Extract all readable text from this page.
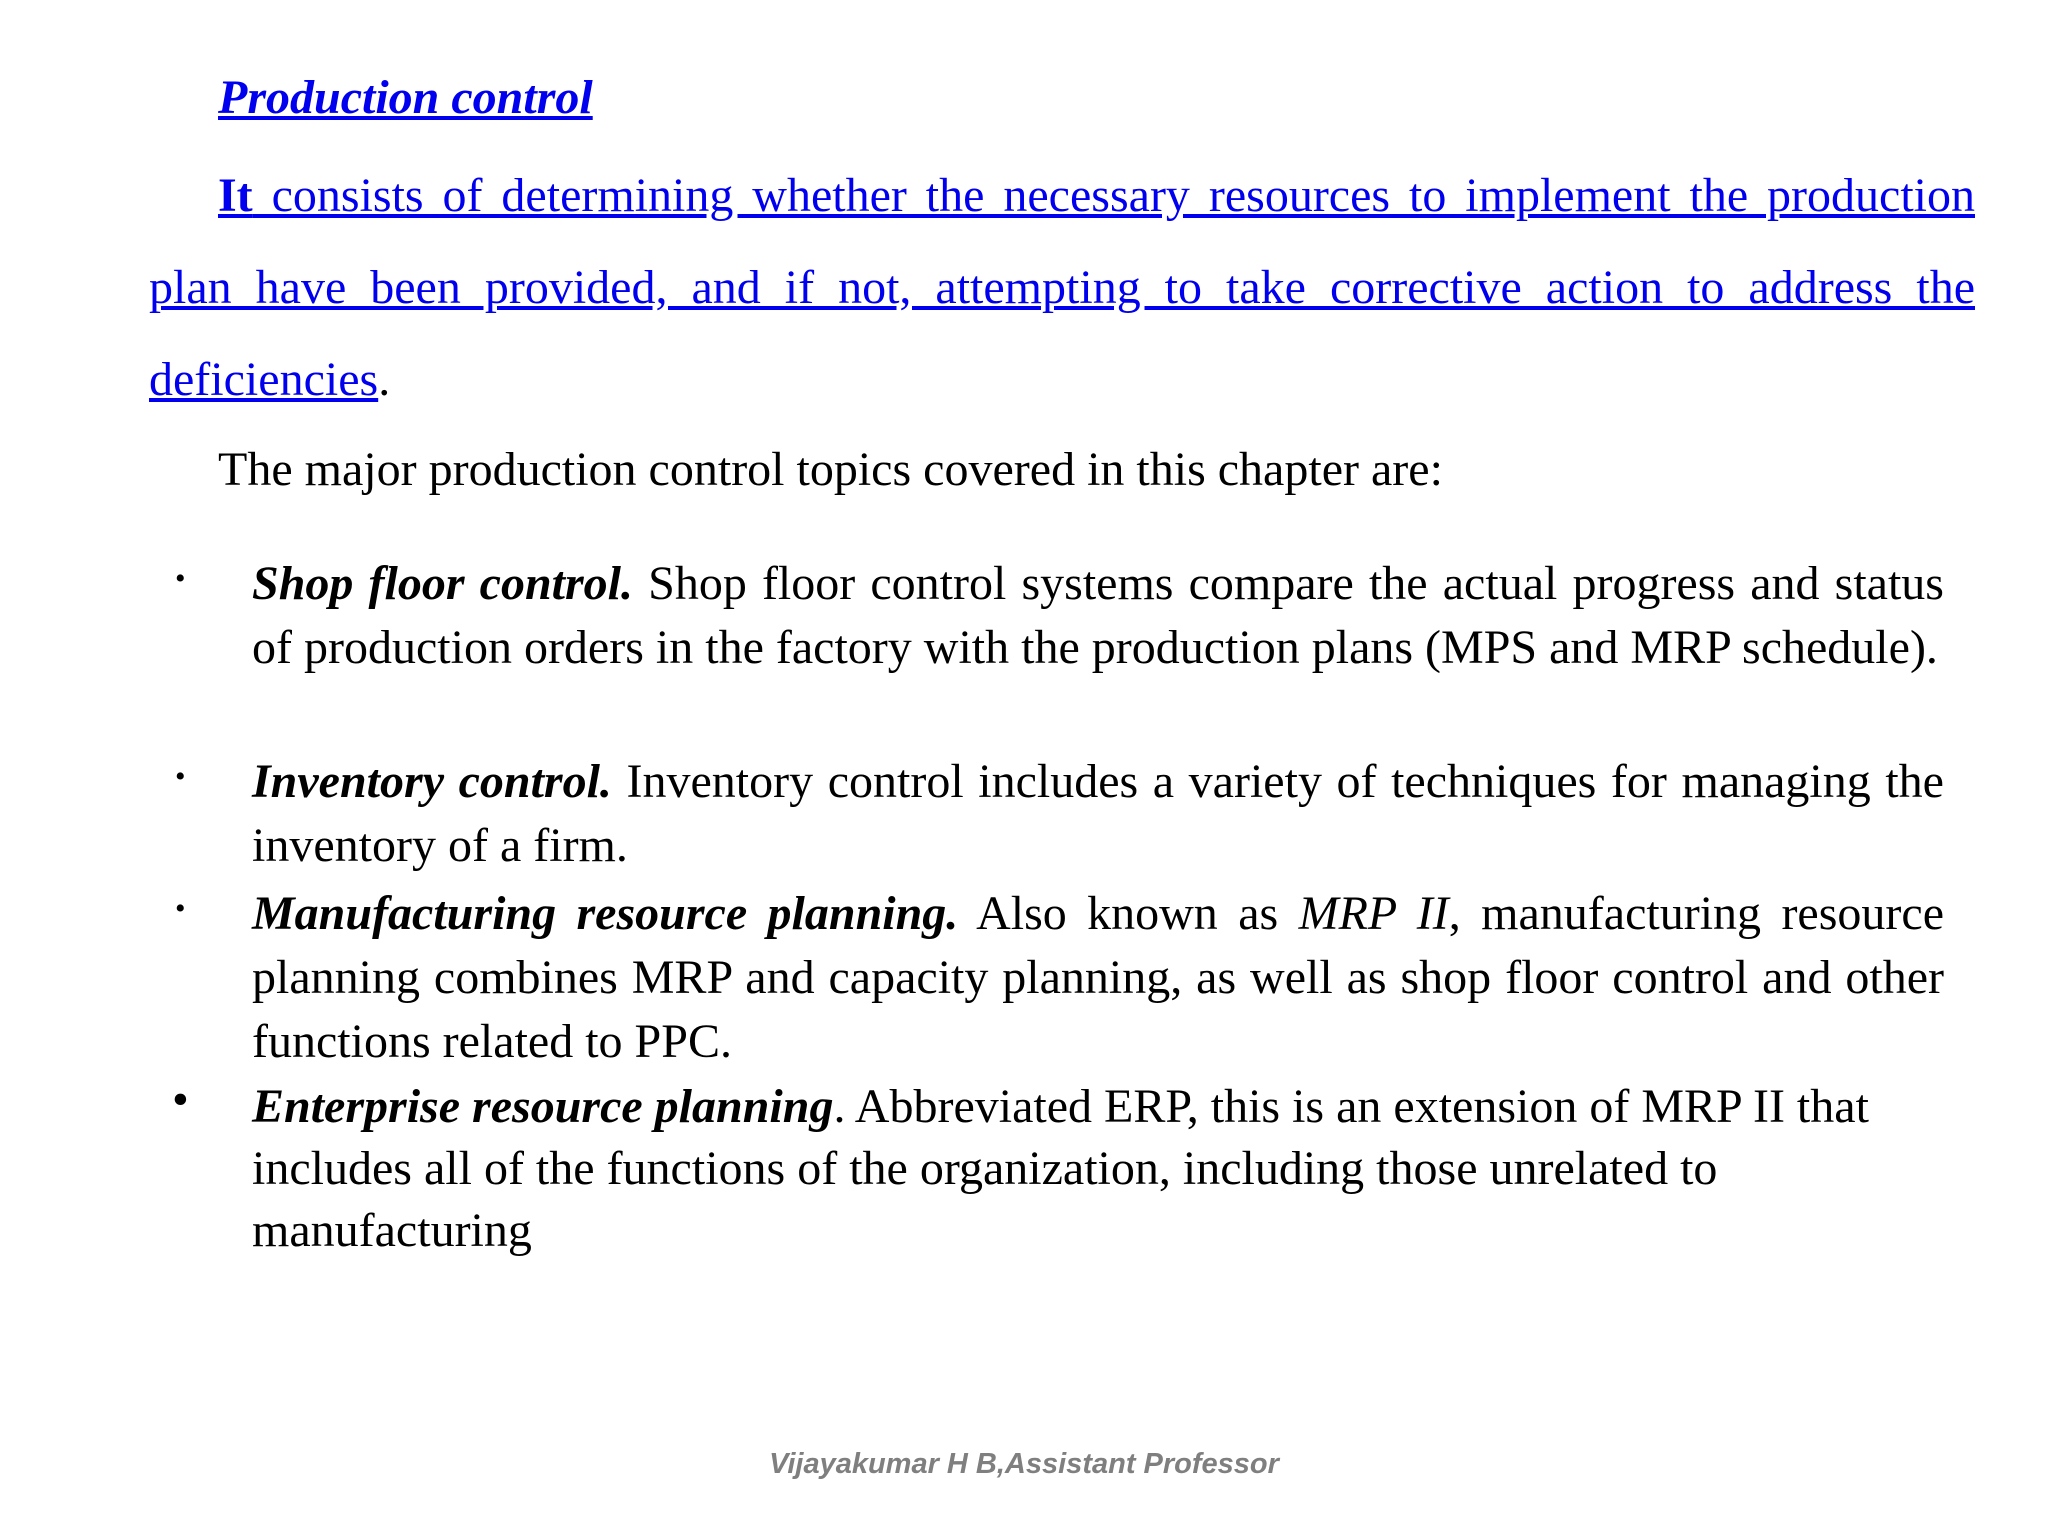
Production control

It consists of determining whether the necessary resources to implement the production plan have been provided, and if not, attempting to take corrective action to address the deficiencies.

The major production control topics covered in this chapter are:

• Shop floor control. Shop floor control systems compare the actual progress and status of production orders in the factory with the production plans (MPS and MRP schedule).

• Inventory control. Inventory control includes a variety of techniques for managing the inventory of a firm.

• Manufacturing resource planning. Also known as MRP II, manufacturing resource planning combines MRP and capacity planning, as well as shop floor control and other functions related to PPC.

• Enterprise resource planning. Abbreviated ERP, this is an extension of MRP II that includes all of the functions of the organization, including those unrelated to manufacturing

Vijayakumar H B,Assistant Professor
